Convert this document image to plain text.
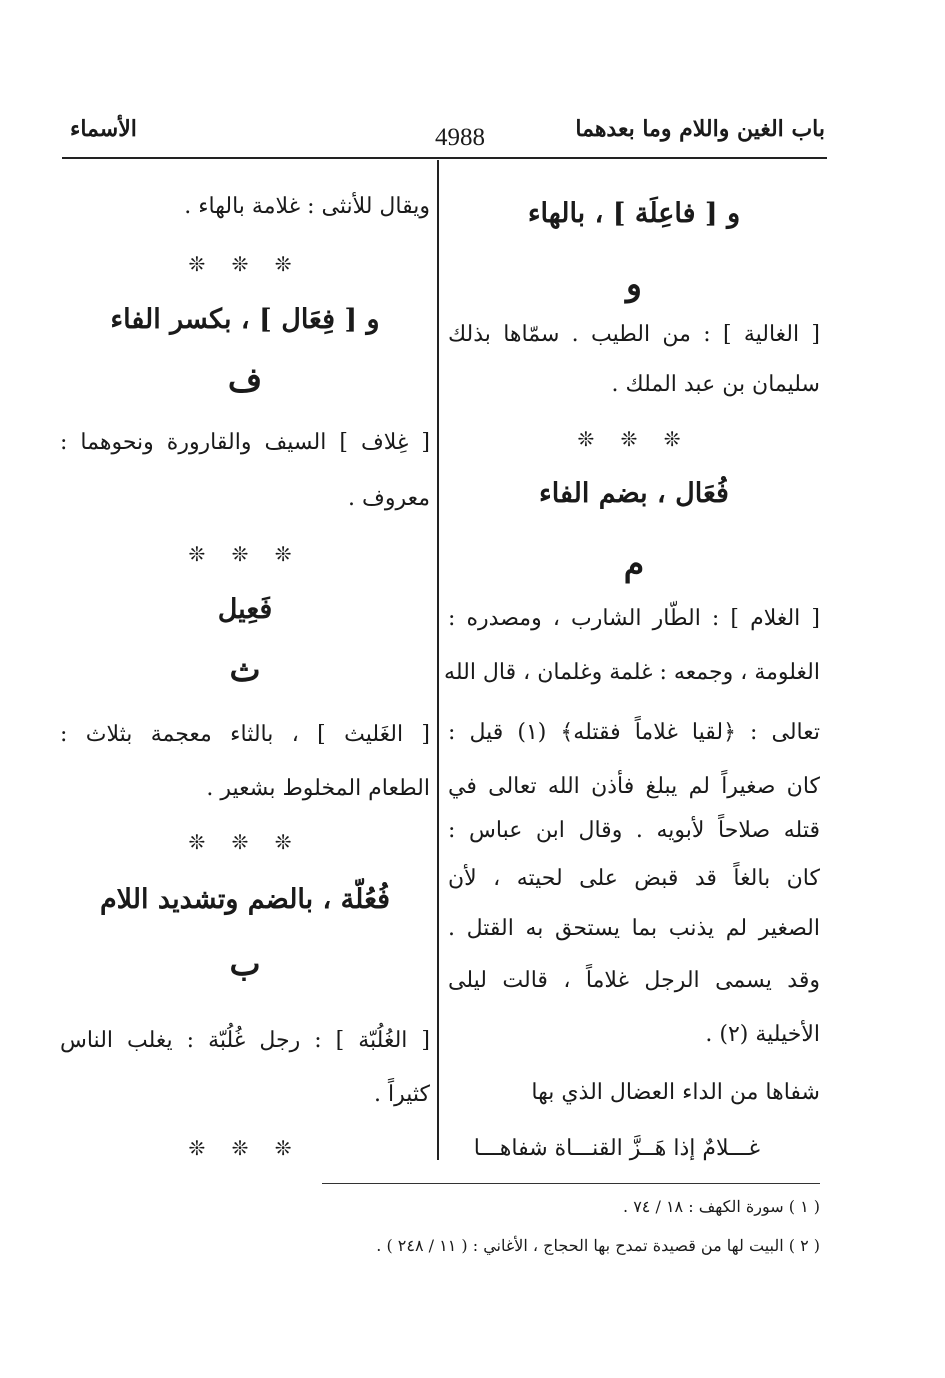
باب الغين واللام وما بعدهما
4988
الأسماء
و [ فاعِلَة ] ، بالهاء
و
[ الغالية ] : من الطيب . سمّاها بذلك
سليمان بن عبد الملك .
❊ ❊ ❊
فُعَال ، بضم الفاء
م
[ الغلام ] : الطّار الشارب ، ومصدره :
الغلومة ، وجمعه : غلمة وغلمان ، قال الله
تعالى : ﴿لقيا غلاماً فقتله﴾ (١) قيل :
كان صغيراً لم يبلغ فأذن الله تعالى في
قتله صلاحاً لأبويه . وقال ابن عباس :
كان بالغاً قد قبض على لحيته ، لأن
الصغير لم يذنب بما يستحق به القتل .
وقد يسمى الرجل غلاماً ، قالت ليلى
الأخيلية (٢) .
شفاها من الداء العضال الذي بها
غـــلامٌ إذا هَــزَّ القنـــاة شفاهـــا
ويقال للأنثى : غلامة بالهاء .
❊ ❊ ❊
و [ فِعَال ] ، بكسر الفاء
ف
[ غِلاف ] السيف والقارورة ونحوهما :
معروف .
❊ ❊ ❊
فَعِيل
ث
[ الغَليث ] ، بالثاء معجمة بثلاث :
الطعام المخلوط بشعير .
❊ ❊ ❊
فُعُلّة ، بالضم وتشديد اللام
ب
[ الغُلُبّة ] : رجل غُلُبّة : يغلب الناس
كثيراً .
❊ ❊ ❊
( ١ ) سورة الكهف : ١٨ / ٧٤ .
( ٢ ) البيت لها من قصيدة تمدح بها الحجاج ، الأغاني : ( ١١ / ٢٤٨ ) .
